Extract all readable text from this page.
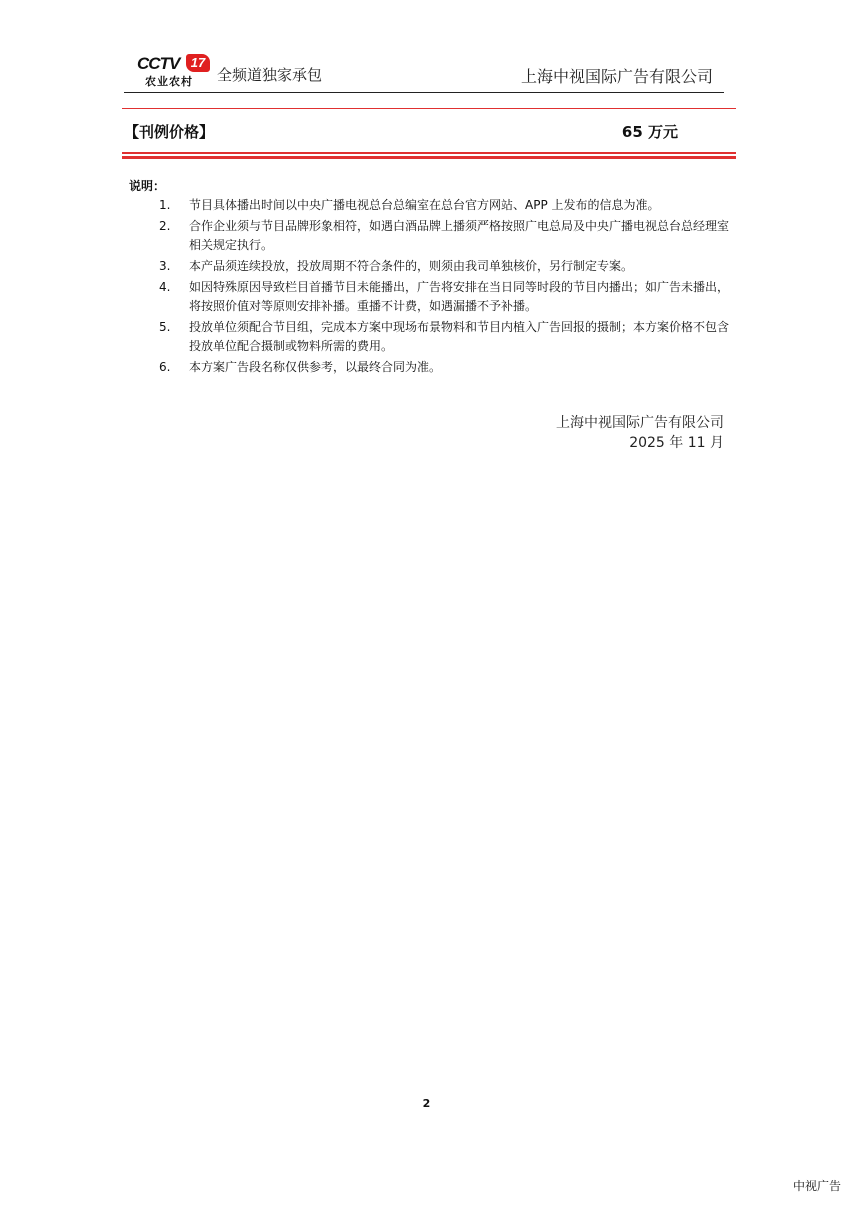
CCTV 17
农业农村 全频道独家承包	上海中视国际广告有限公司
【刊例价格】	65 万元
说明：
1.	节目具体播出时间以中央广播电视总台总编室在总台官方网站、APP 上发布的信息为准。
2.	合作企业须与节目品牌形象相符，如遇白酒品牌上播须严格按照广电总局及中央广播电视总台总经理室相关规定执行。
3.	本产品须连续投放，投放周期不符合条件的，则须由我司单独核价，另行制定专案。
4.	如因特殊原因导致栏目首播节目未能播出，广告将安排在当日同等时段的节目内播出；如广告未播出，将按照价值对等原则安排补播。重播不计费，如遇漏播不予补播。
5.	投放单位须配合节目组，完成本方案中现场布景物料和节目内植入广告回报的摄制；本方案价格不包含投放单位配合摄制或物料所需的费用。
6.	本方案广告段名称仅供参考，以最终合同为准。
上海中视国际广告有限公司
2025 年 11 月
2
中视广告
